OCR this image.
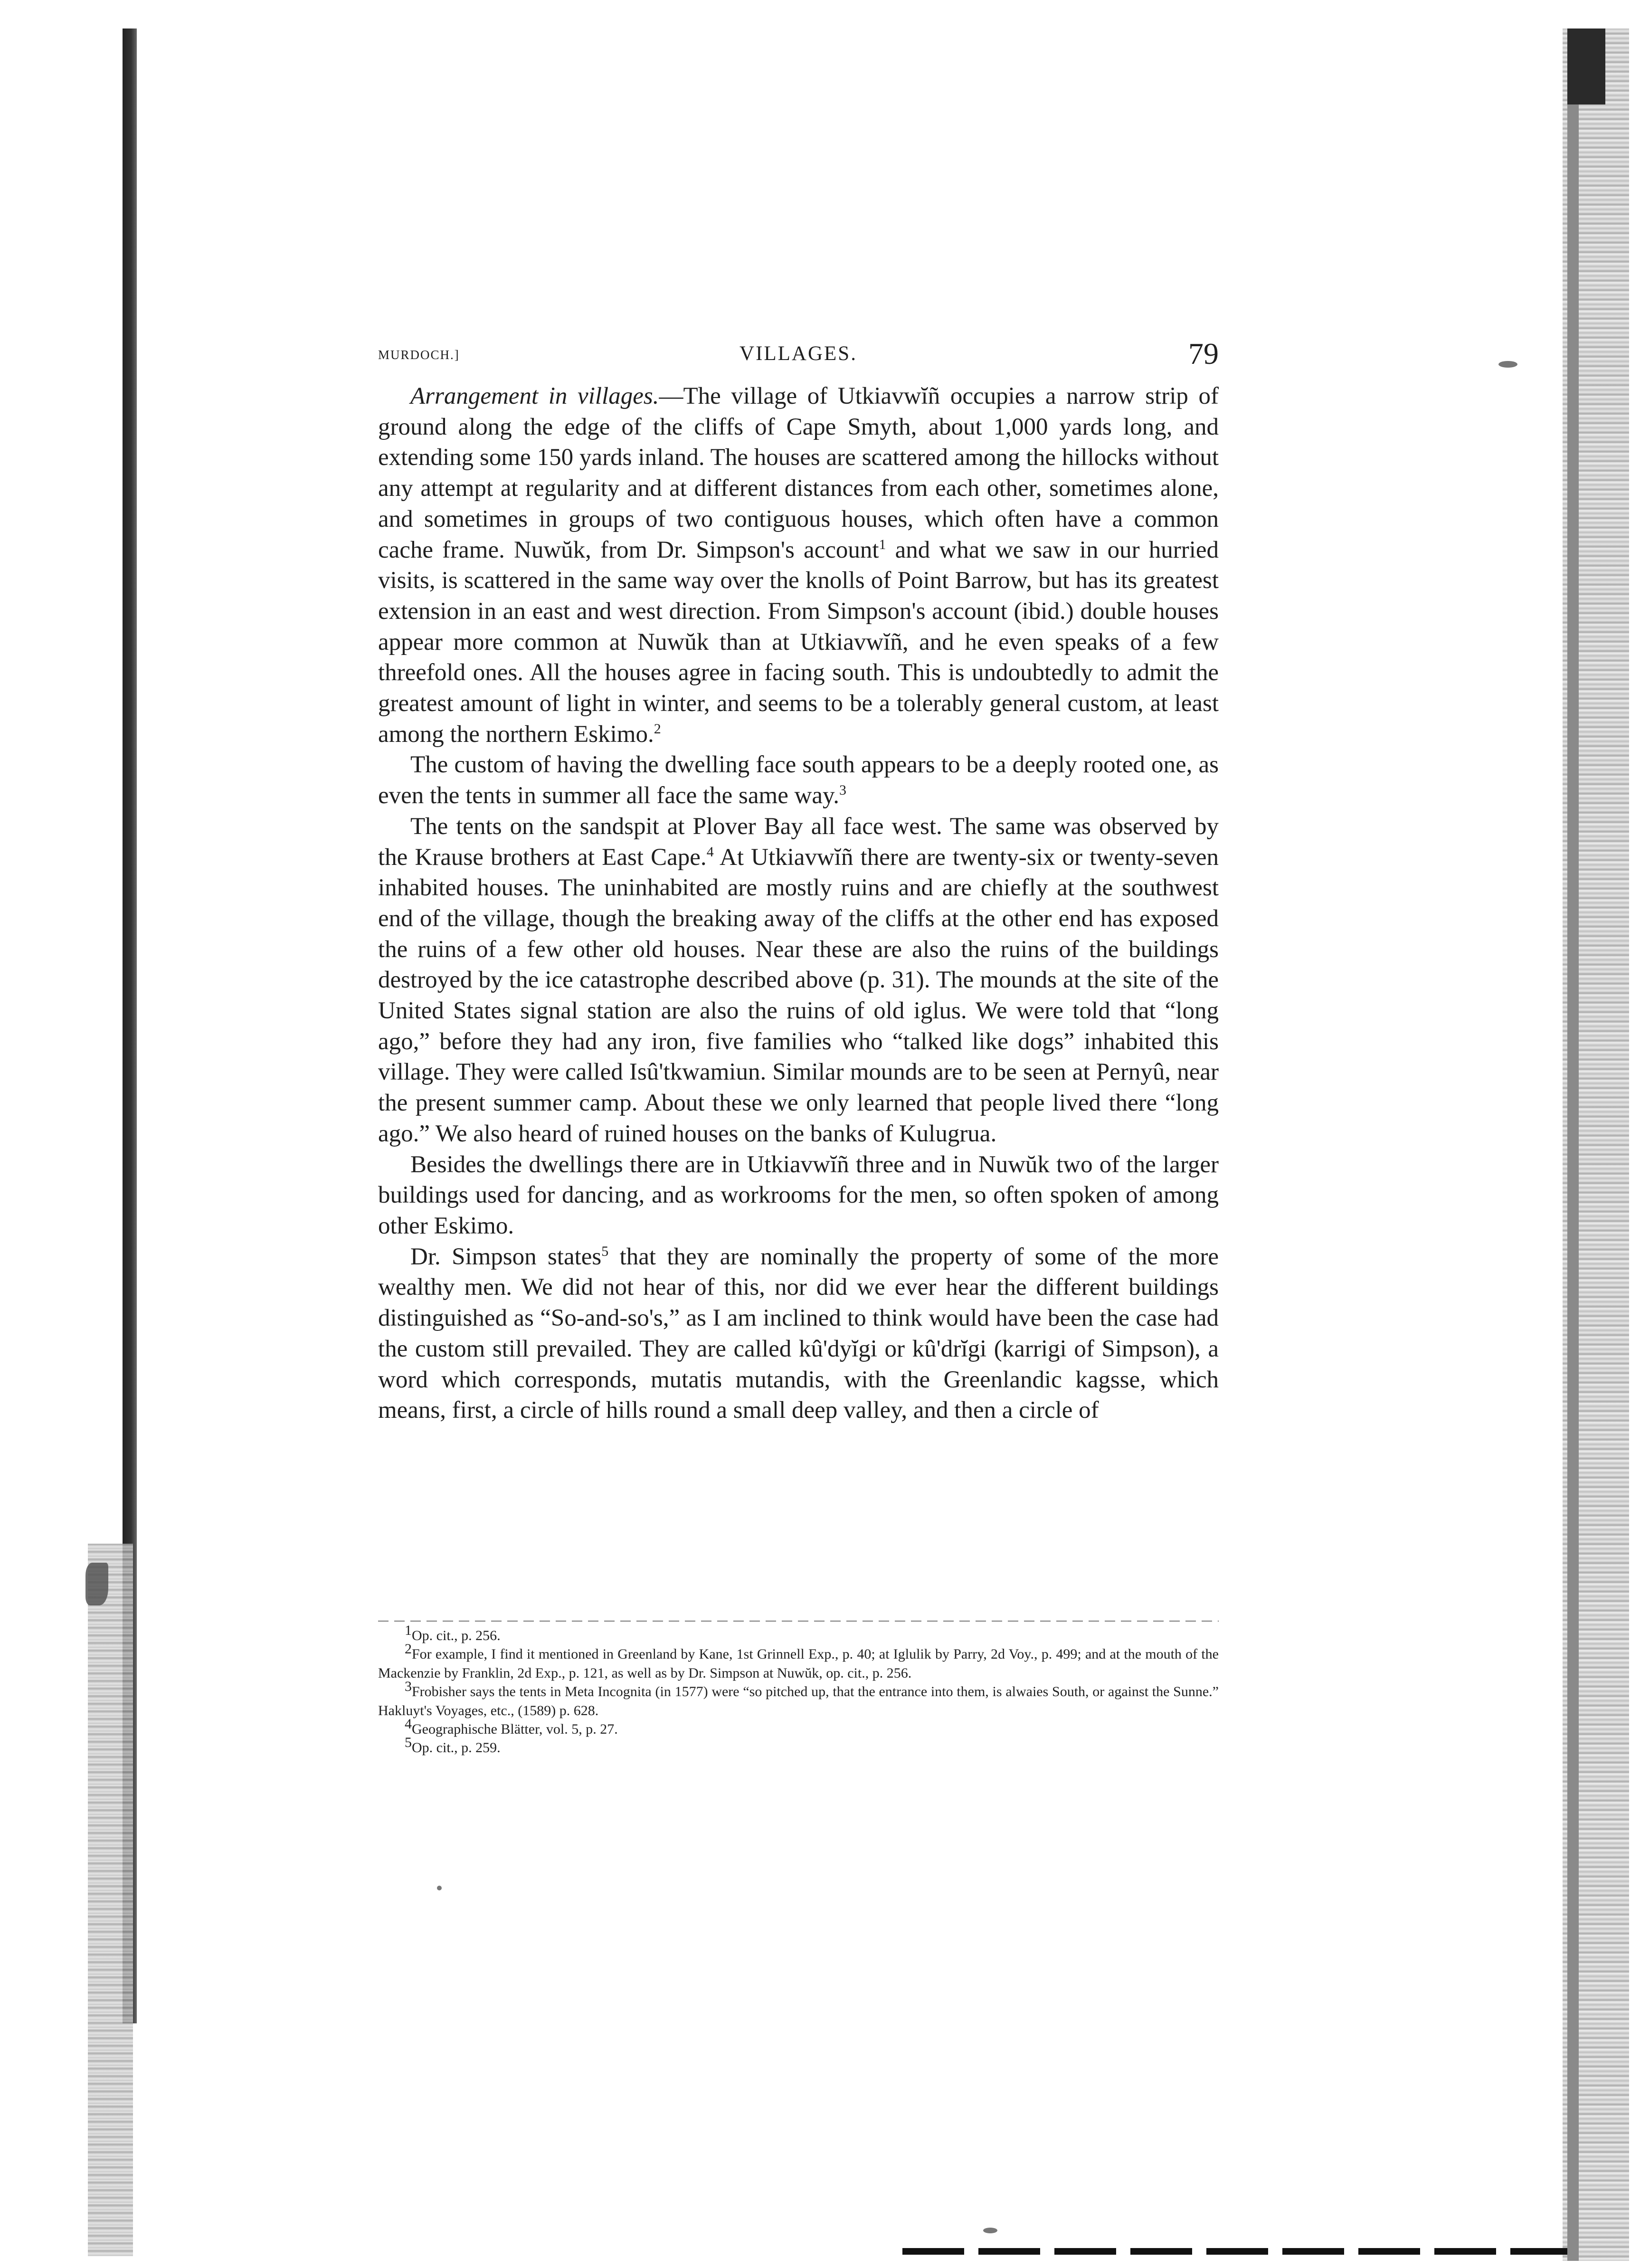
MURDOCH.]	VILLAGES.	79

Arrangement in villages.—The village of Utkiavwĭñ occupies a narrow strip of ground along the edge of the cliffs of Cape Smyth, about 1,000 yards long, and extending some 150 yards inland. The houses are scattered among the hillocks without any attempt at regularity and at different distances from each other, sometimes alone, and sometimes in groups of two contiguous houses, which often have a common cache frame. Nuwŭk, from Dr. Simpson's account$^1$ and what we saw in our hurried visits, is scattered in the same way over the knolls of Point Barrow, but has its greatest extension in an east and west direction. From Simpson's account (ibid.) double houses appear more common at Nuwŭk than at Utkiavwĭñ, and he even speaks of a few threefold ones. All the houses agree in facing south. This is undoubtedly to admit the greatest amount of light in winter, and seems to be a tolerably general custom, at least among the northern Eskimo.$^2$

The custom of having the dwelling face south appears to be a deeply rooted one, as even the tents in summer all face the same way.$^3$

The tents on the sandspit at Plover Bay all face west. The same was observed by the Krause brothers at East Cape.$^4$ At Utkiavwĭñ there are twenty-six or twenty-seven inhabited houses. The uninhabited are mostly ruins and are chiefly at the southwest end of the village, though the breaking away of the cliffs at the other end has exposed the ruins of a few other old houses. Near these are also the ruins of the buildings destroyed by the ice catastrophe described above (p. 31). The mounds at the site of the United States signal station are also the ruins of old iglus. We were told that “long ago,” before they had any iron, five families who “talked like dogs” inhabited this village. They were called Isû'tkwamiun. Similar mounds are to be seen at Pernyû, near the present summer camp. About these we only learned that people lived there “long ago.” We also heard of ruined houses on the banks of Kulugrua.

Besides the dwellings there are in Utkiavwĭñ three and in Nuwŭk two of the larger buildings used for dancing, and as workrooms for the men, so often spoken of among other Eskimo.

Dr. Simpson states$^5$ that they are nominally the property of some of the more wealthy men. We did not hear of this, nor did we ever hear the different buildings distinguished as “So-and-so's,” as I am inclined to think would have been the case had the custom still prevailed. They are called kû'dyĭgi or kû'drĭgi (karrigi of Simpson), a word which corresponds, mutatis mutandis, with the Greenlandic kagsse, which means, first, a circle of hills round a small deep valley, and then a circle of

$^1$Op. cit., p. 256.

$^2$For example, I find it mentioned in Greenland by Kane, 1st Grinnell Exp., p. 40; at Iglulik by Parry, 2d Voy., p. 499; and at the mouth of the Mackenzie by Franklin, 2d Exp., p. 121, as well as by Dr. Simpson at Nuwŭk, op. cit., p. 256.

$^3$Frobisher says the tents in Meta Incognita (in 1577) were “so pitched up, that the entrance into them, is alwaies South, or against the Sunne.” Hakluyt's Voyages, etc., (1589) p. 628.

$^4$Geographische Blätter, vol. 5, p. 27.

$^5$Op. cit., p. 259.
